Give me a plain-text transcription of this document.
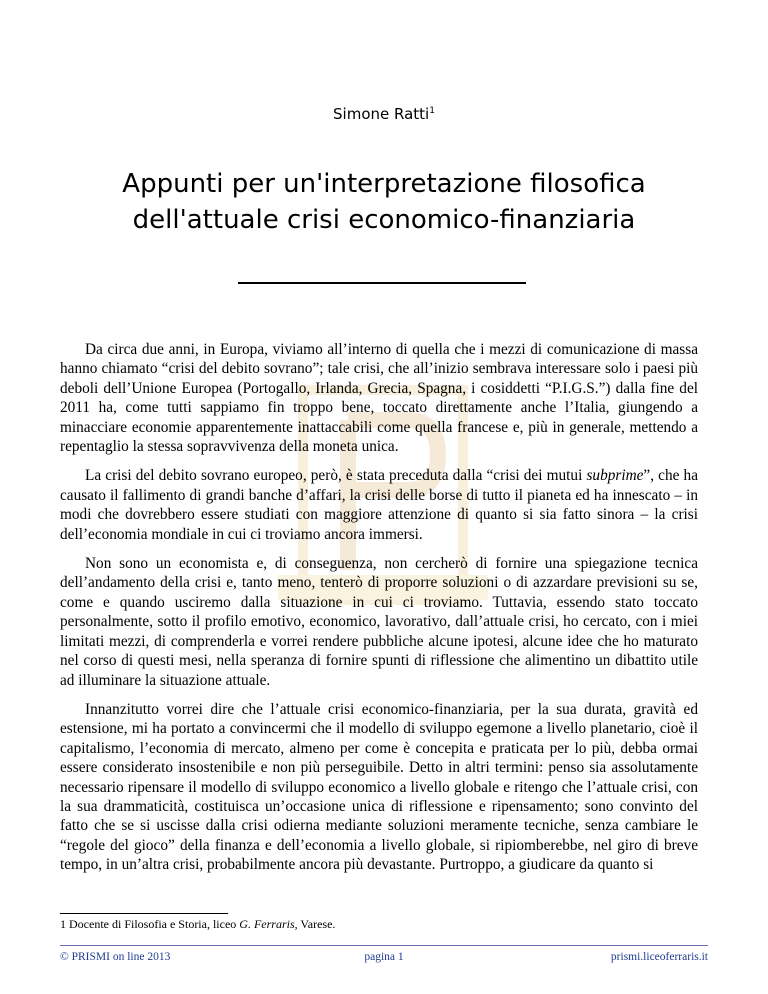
Simone Ratti$^1$
Appunti per un'interpretazione filosofica
dell'attuale crisi economico-finanziaria

Da circa due anni, in Europa, viviamo all’interno di quella che i mezzi di comunicazione di massa hanno chiamato “crisi del debito sovrano”; tale crisi, che all’inizio sembrava interessare solo i paesi più deboli dell’Unione Europea (Portogallo, Irlanda, Grecia, Spagna, i cosiddetti “P.I.G.S.”) dalla fine del 2011 ha, come tutti sappiamo fin troppo bene, toccato direttamente anche l’Italia, giungendo a minacciare economie apparentemente inattaccabili come quella francese e, più in generale, mettendo a repentaglio la stessa sopravvivenza della moneta unica.

La crisi del debito sovrano europeo, però, è stata preceduta dalla “crisi dei mutui subprime”, che ha causato il fallimento di grandi banche d’affari, la crisi delle borse di tutto il pianeta ed ha innescato – in modi che dovrebbero essere studiati con maggiore attenzione di quanto si sia fatto sinora – la crisi dell’economia mondiale in cui ci troviamo ancora immersi.

Non sono un economista e, di conseguenza, non cercherò di fornire una spiegazione tecnica dell’andamento della crisi e, tanto meno, tenterò di proporre soluzioni o di azzardare previsioni su se, come e quando usciremo dalla situazione in cui ci troviamo. Tuttavia, essendo stato toccato personalmente, sotto il profilo emotivo, economico, lavorativo, dall’attuale crisi, ho cercato, con i miei limitati mezzi, di comprenderla e vorrei rendere pubbliche alcune ipotesi, alcune idee che ho maturato nel corso di questi mesi, nella speranza di fornire spunti di riflessione che alimentino un dibattito utile ad illuminare la situazione attuale.

Innanzitutto vorrei dire che l’attuale crisi economico-finanziaria, per la sua durata, gravità ed estensione, mi ha portato a convincermi che il modello di sviluppo egemone a livello planetario, cioè il capitalismo, l’economia di mercato, almeno per come è concepita e praticata per lo più, debba ormai essere considerato insostenibile e non più perseguibile. Detto in altri termini: penso sia assolutamente necessario ripensare il modello di sviluppo economico a livello globale e ritengo che l’attuale crisi, con la sua drammaticità, costituisca un’occasione unica di riflessione e ripensamento; sono convinto del fatto che se si uscisse dalla crisi odierna mediante soluzioni meramente tecniche, senza cambiare le “regole del gioco” della finanza e dell’economia a livello globale, si ripiomberebbe, nel giro di breve tempo, in un’altra crisi, probabilmente ancora più devastante. Purtroppo, a giudicare da quanto si

1 Docente di Filosofia e Storia, liceo G. Ferraris, Varese.
© PRISMI on line 2013	pagina 1	prismi.liceoferraris.it
